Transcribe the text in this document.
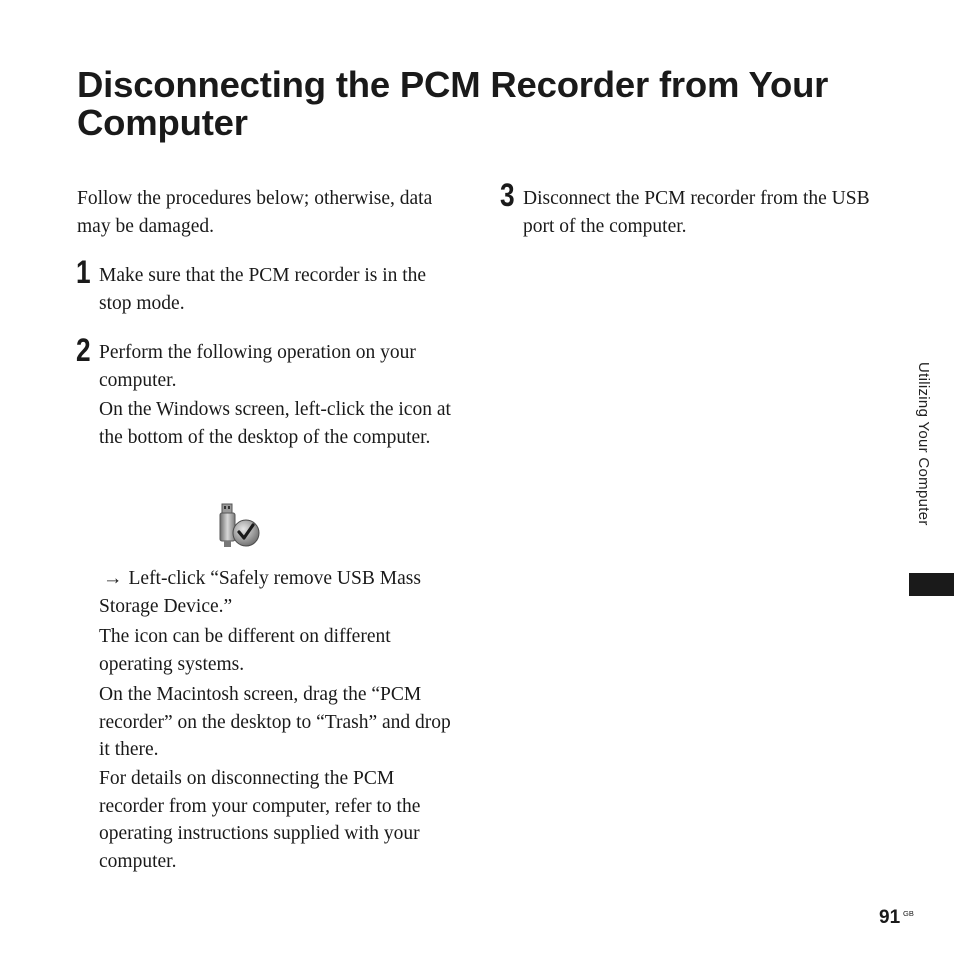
Disconnecting the PCM Recorder from Your Computer

Follow the procedures below; otherwise, data may be damaged.

1 Make sure that the PCM recorder is in the stop mode.

2 Perform the following operation on your computer.

On the Windows screen, left-click the icon at the bottom of the desktop of the computer.

→ Left-click “Safely remove USB Mass Storage Device.”

The icon can be different on different operating systems.

On the Macintosh screen, drag the “PCM recorder” on the desktop to “Trash” and drop it there.

For details on disconnecting the PCM recorder from your computer, refer to the operating instructions supplied with your computer.

3 Disconnect the PCM recorder from the USB port of the computer.

Utilizing Your Computer
91 GB
